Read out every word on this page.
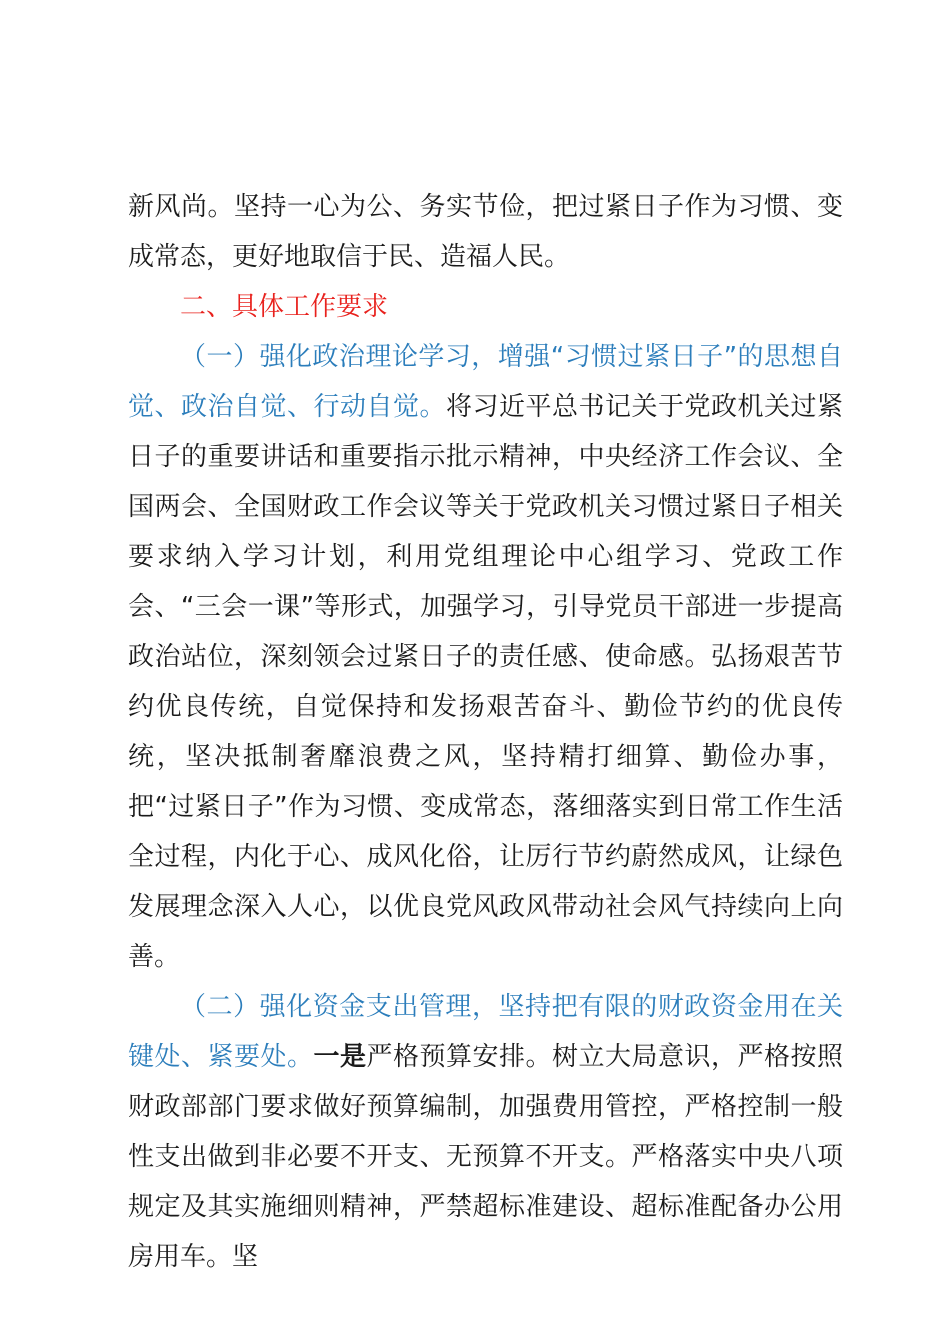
新风尚。坚持一心为公、务实节俭，把过紧日子作为习惯、变成常态，更好地取信于民、造福人民。

二、具体工作要求

（一）强化政治理论学习，增强“习惯过紧日子”的思想自觉、政治自觉、行动自觉。将习近平总书记关于党政机关过紧日子的重要讲话和重要指示批示精神，中央经济工作会议、全国两会、全国财政工作会议等关于党政机关习惯过紧日子相关要求纳入学习计划，利用党组理论中心组学习、党政工作会、“三会一课”等形式，加强学习，引导党员干部进一步提高政治站位，深刻领会过紧日子的责任感、使命感。弘扬艰苦节约优良传统，自觉保持和发扬艰苦奋斗、勤俭节约的优良传统，坚决抵制奢靡浪费之风，坚持精打细算、勤俭办事，把“过紧日子”作为习惯、变成常态，落细落实到日常工作生活全过程，内化于心、成风化俗，让厉行节约蔚然成风，让绿色发展理念深入人心，以优良党风政风带动社会风气持续向上向善。

（二）强化资金支出管理，坚持把有限的财政资金用在关键处、紧要处。一是严格预算安排。树立大局意识，严格按照财政部部门要求做好预算编制，加强费用管控，严格控制一般性支出做到非必要不开支、无预算不开支。严格落实中央八项规定及其实施细则精神，严禁超标准建设、超标准配备办公用房用车。坚
